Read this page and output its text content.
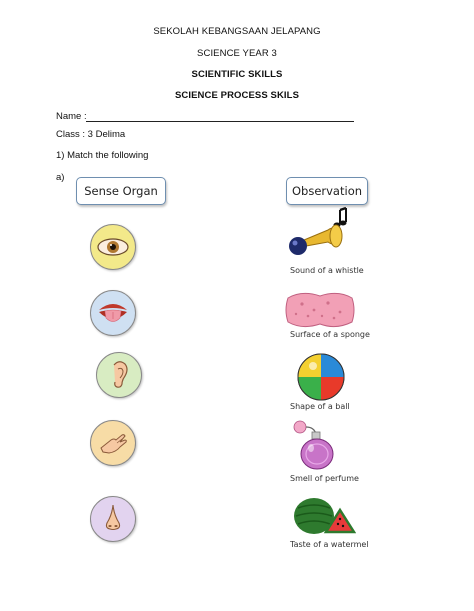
SEKOLAH KEBANGSAAN JELAPANG
SCIENCE YEAR 3
SCIENTIFIC SKILLS
SCIENCE PROCESS SKILS
Name :
Class : 3 Delima
1) Match the following
a)
Sense Organ	Observation
Sound of a whistle
Surface of a sponge
Shape of a ball
Smell of perfume
Taste of a watermel
